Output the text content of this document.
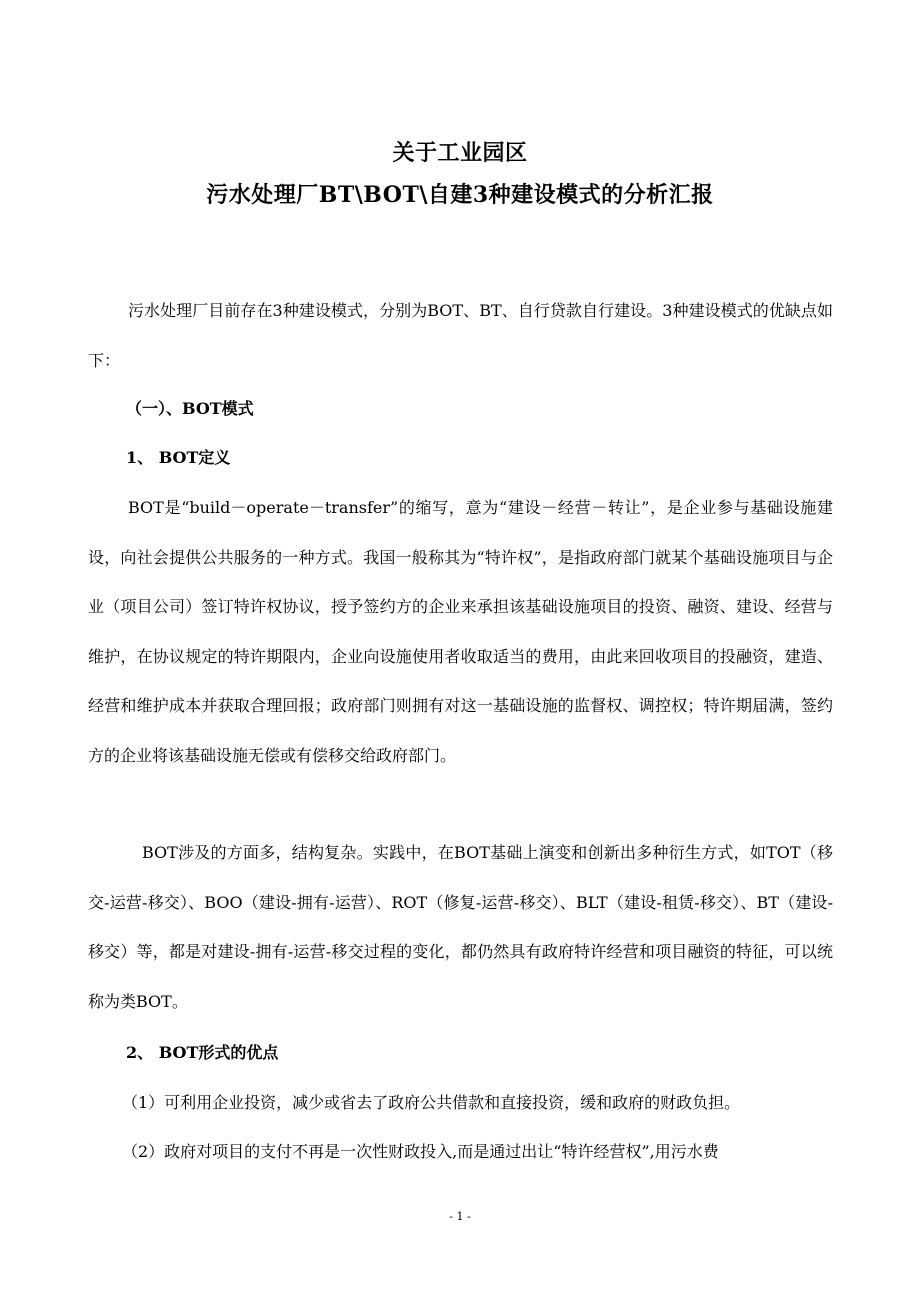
关于工业园区
污水处理厂BT\BOT\自建3种建设模式的分析汇报

污水处理厂目前存在3种建设模式，分别为BOT、BT、自行贷款自行建设。3种建设模式的优缺点如下：

（一）、BOT模式
1、 BOT定义

BOT是“build－operate－transfer”的缩写，意为“建设－经营－转让”，是企业参与基础设施建设，向社会提供公共服务的一种方式。我国一般称其为“特许权”，是指政府部门就某个基础设施项目与企业（项目公司）签订特许权协议，授予签约方的企业来承担该基础设施项目的投资、融资、建设、经营与维护，在协议规定的特许期限内，企业向设施使用者收取适当的费用，由此来回收项目的投融资，建造、经营和维护成本并获取合理回报；政府部门则拥有对这一基础设施的监督权、调控权；特许期届满，签约方的企业将该基础设施无偿或有偿移交给政府部门。

BOT涉及的方面多，结构复杂。实践中，在BOT基础上演变和创新出多种衍生方式，如TOT（移交-运营-移交）、BOO（建设-拥有-运营）、ROT（修复-运营-移交）、BLT（建设-租赁-移交）、BT（建设-移交）等，都是对建设-拥有-运营-移交过程的变化，都仍然具有政府特许经营和项目融资的特征，可以统称为类BOT。

2、 BOT形式的优点

（1）可利用企业投资，减少或省去了政府公共借款和直接投资，缓和政府的财政负担。

（2）政府对项目的支付不再是一次性财政投入,而是通过出让“特许经营权”,用污水费

- 1 -
